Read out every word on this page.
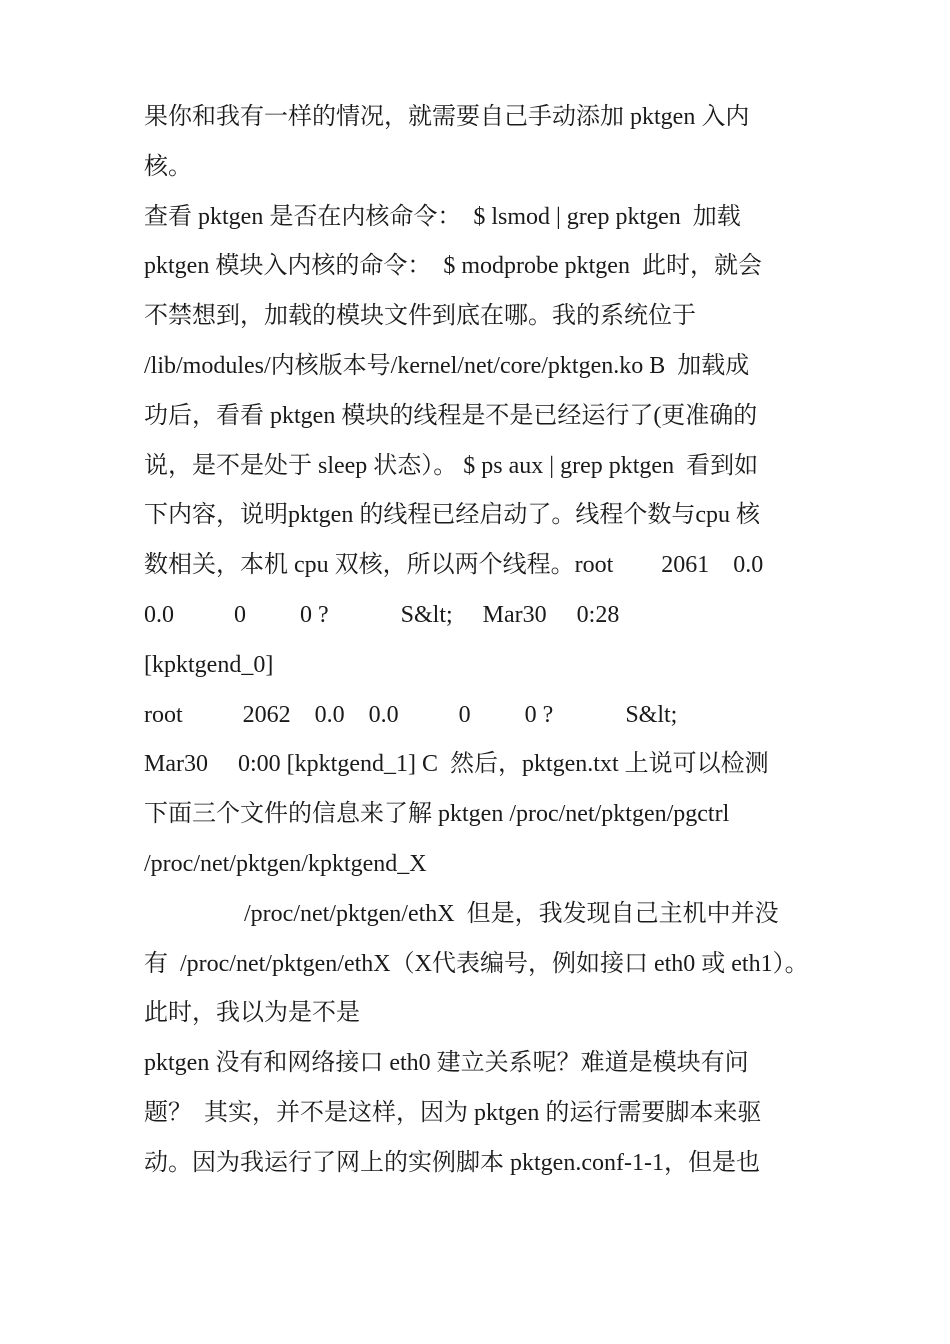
果你和我有一样的情况，就需要自己手动添加 pktgen 入内
核。
查看 pktgen 是否在内核命令：  $ lsmod | grep pktgen  加载
pktgen 模块入内核的命令：  $ modprobe pktgen  此时，就会
不禁想到，加载的模块文件到底在哪。我的系统位于
/lib/modules/内核版本号/kernel/net/core/pktgen.ko B  加载成
功后，看看 pktgen 模块的线程是不是已经运行了(更准确的
说，是不是处于 sleep 状态）。 $ ps aux | grep pktgen  看到如
下内容，说明pktgen 的线程已经启动了。线程个数与cpu 核
数相关，本机 cpu 双核，所以两个线程。root        2061    0.0
0.0          0         0 ?            S&lt;     Mar30     0:28
[kpktgend_0]
root          2062    0.0    0.0          0         0 ?            S&lt;
Mar30     0:00 [kpktgend_1] C  然后，pktgen.txt 上说可以检测
下面三个文件的信息来了解 pktgen /proc/net/pktgen/pgctrl
/proc/net/pktgen/kpktgend_X
/proc/net/pktgen/ethX  但是，我发现自己主机中并没
有  /proc/net/pktgen/ethX（X代表编号，例如接口 eth0 或 eth1）。
此时，我以为是不是
pktgen 没有和网络接口 eth0 建立关系呢？难道是模块有问
题？  其实，并不是这样，因为 pktgen 的运行需要脚本来驱
动。因为我运行了网上的实例脚本 pktgen.conf-1-1，但是也
